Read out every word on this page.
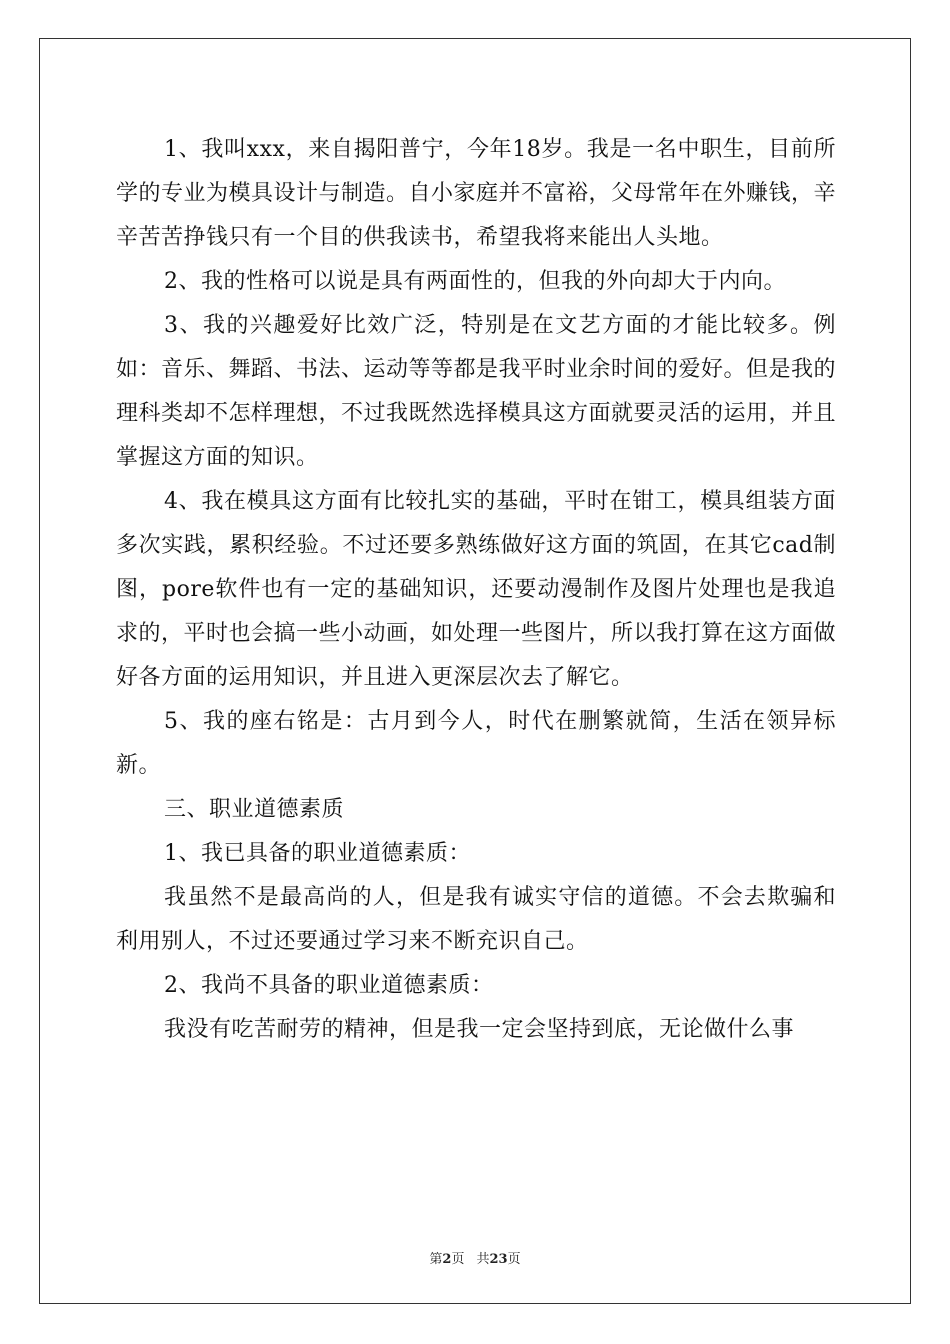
1、我叫xxx，来自揭阳普宁，今年18岁。我是一名中职生，目前所学的专业为模具设计与制造。自小家庭并不富裕，父母常年在外赚钱，辛辛苦苦挣钱只有一个目的供我读书，希望我将来能出人头地。

2、我的性格可以说是具有两面性的，但我的外向却大于内向。

3、我的兴趣爱好比效广泛，特别是在文艺方面的才能比较多。例如：音乐、舞蹈、书法、运动等等都是我平时业余时间的爱好。但是我的理科类却不怎样理想，不过我既然选择模具这方面就要灵活的运用，并且掌握这方面的知识。

4、我在模具这方面有比较扎实的基础，平时在钳工，模具组装方面多次实践，累积经验。不过还要多熟练做好这方面的筑固，在其它cad制图，pore软件也有一定的基础知识，还要动漫制作及图片处理也是我追求的，平时也会搞一些小动画，如处理一些图片，所以我打算在这方面做好各方面的运用知识，并且进入更深层次去了解它。

5、我的座右铭是：古月到今人，时代在删繁就简，生活在领异标新。

三、职业道德素质

1、我已具备的职业道德素质：

我虽然不是最高尚的人，但是我有诚实守信的道德。不会去欺骗和利用别人，不过还要通过学习来不断充识自己。

2、我尚不具备的职业道德素质：

我没有吃苦耐劳的精神，但是我一定会坚持到底，无论做什么事

第2页 共23页
